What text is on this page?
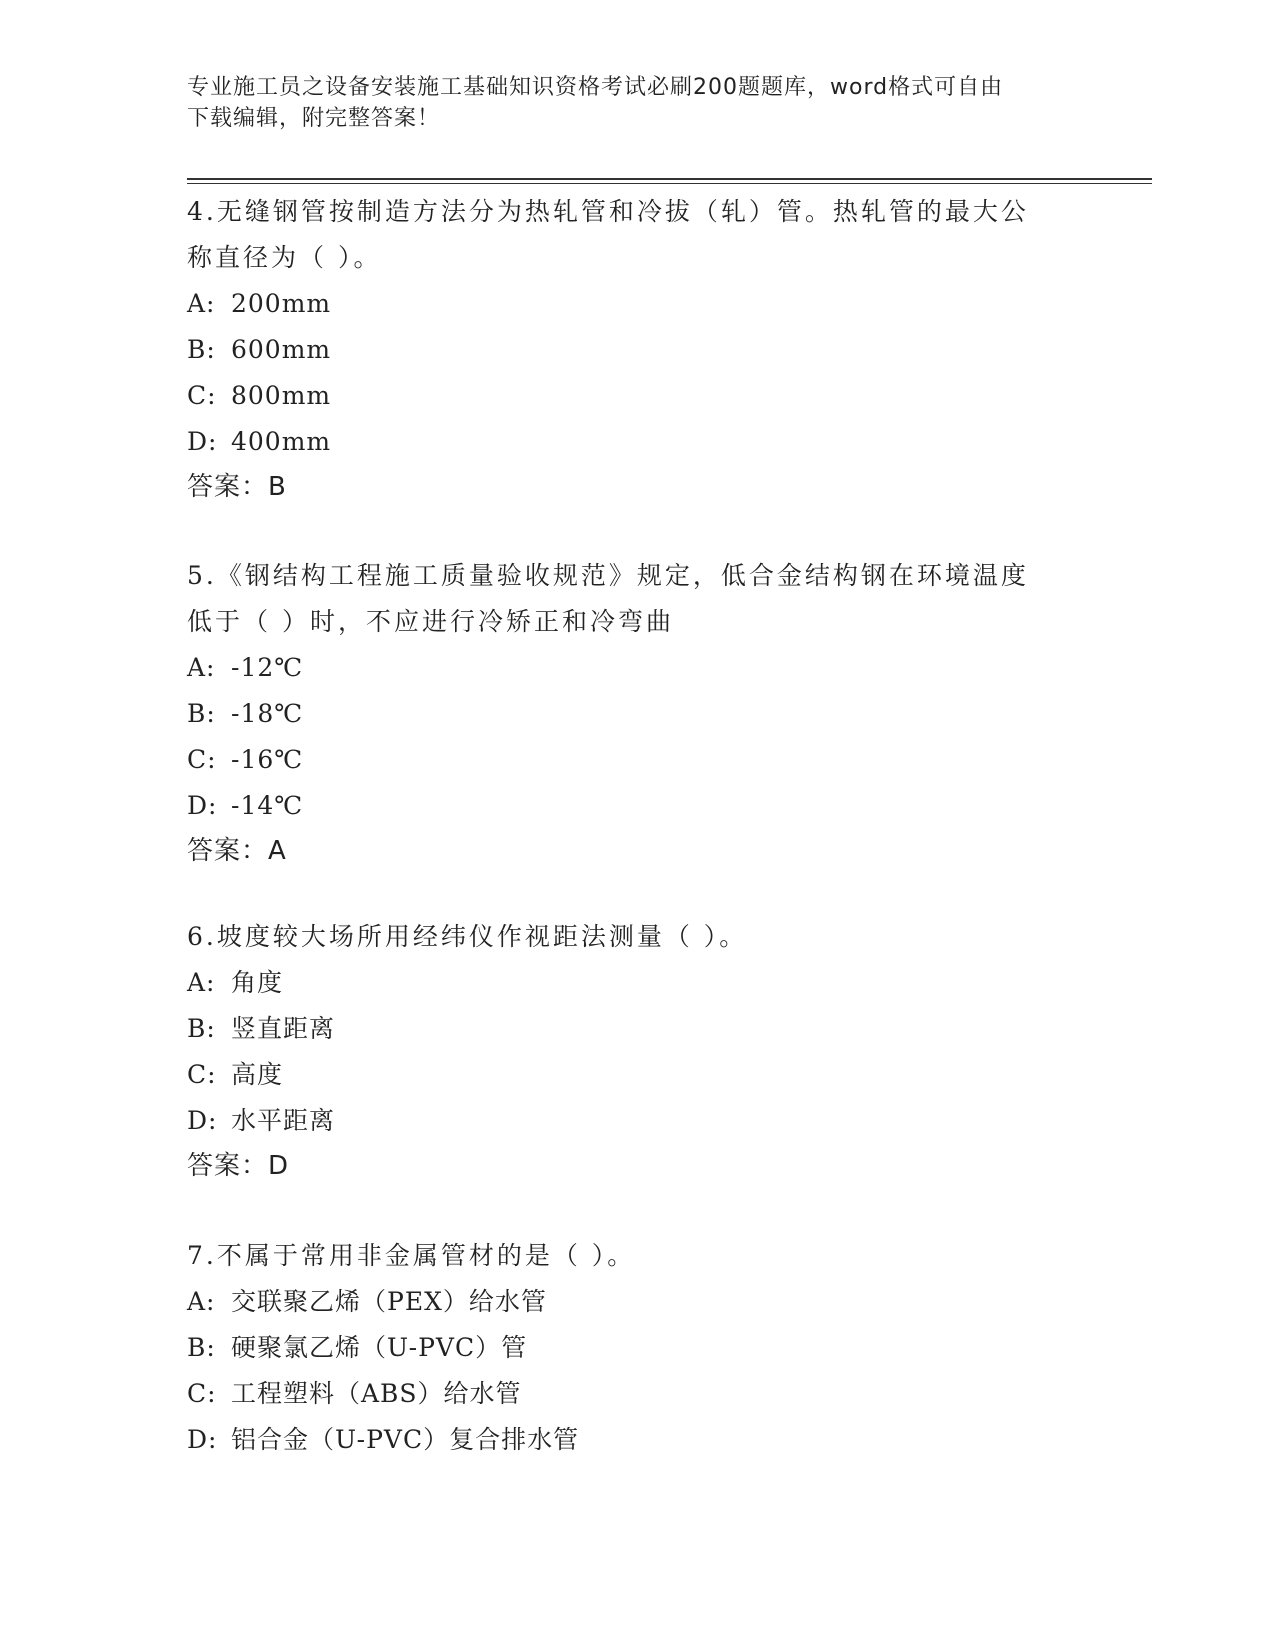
专业施工员之设备安装施工基础知识资格考试必刷200题题库，word格式可自由
下载编辑，附完整答案！
4.无缝钢管按制造方法分为热轧管和冷拔（轧）管。热轧管的最大公
称直径为（ ）。
A: 200mm
B: 600mm
C: 800mm
D: 400mm
答案：B
5.《钢结构工程施工质量验收规范》规定，低合金结构钢在环境温度
低于（ ）时，不应进行冷矫正和冷弯曲
A: -12℃
B: -18℃
C: -16℃
D: -14℃
答案：A
6.坡度较大场所用经纬仪作视距法测量（ ）。
A: 角度
B: 竖直距离
C: 高度
D: 水平距离
答案：D
7.不属于常用非金属管材的是（ ）。
A: 交联聚乙烯（PEX）给水管
B: 硬聚氯乙烯（U-PVC）管
C: 工程塑料（ABS）给水管
D: 铝合金（U-PVC）复合排水管
